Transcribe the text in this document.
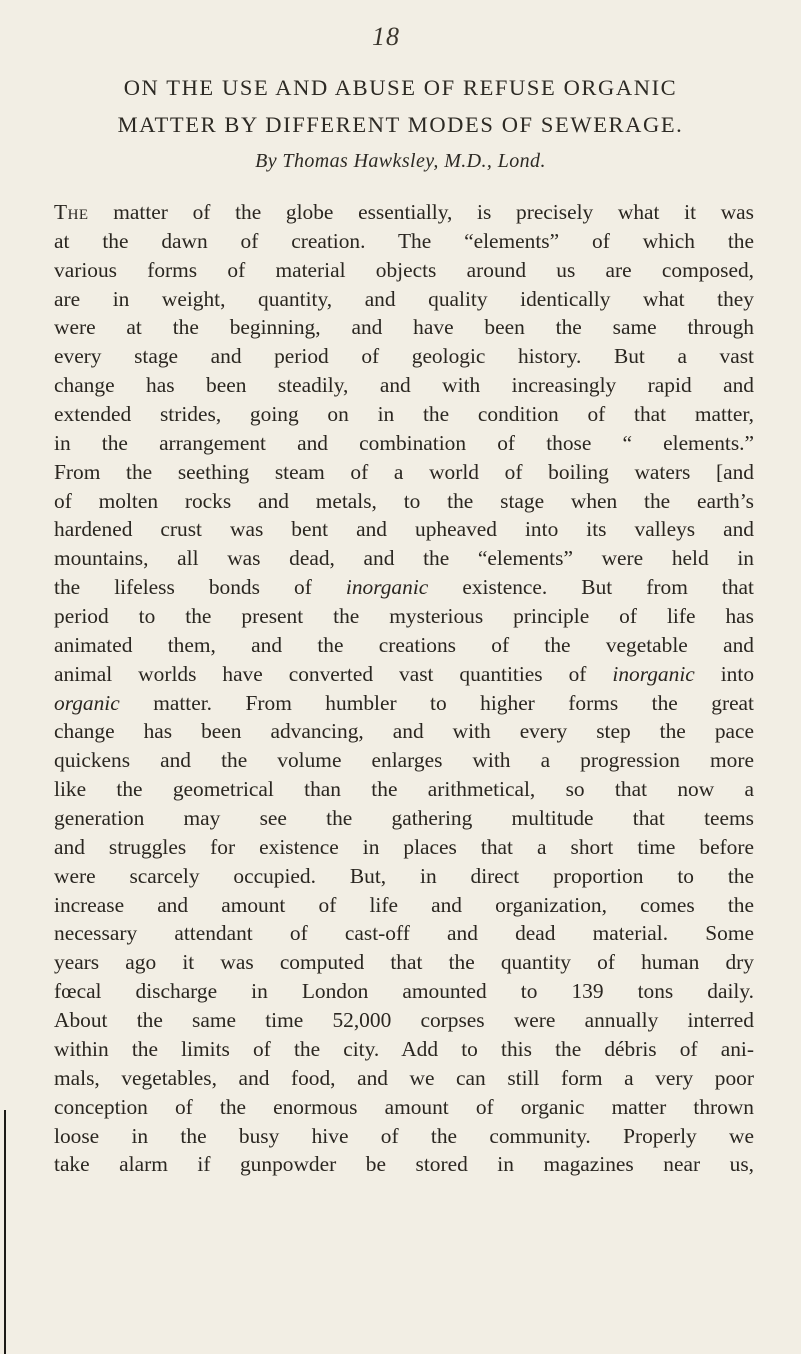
18
ON THE USE AND ABUSE OF REFUSE ORGANIC
MATTER BY DIFFERENT MODES OF SEWERAGE.
By Thomas Hawksley, M.D., Lond.
The matter of the globe essentially, is precisely what it was
at the dawn of creation. The “elements” of which the
various forms of material objects around us are composed,
are in weight, quantity, and quality identically what they
were at the beginning, and have been the same through
every stage and period of geologic history. But a vast
change has been steadily, and with increasingly rapid and
extended strides, going on in the condition of that matter,
in the arrangement and combination of those “ elements.”
From the seething steam of a world of boiling waters [and
of molten rocks and metals, to the stage when the earth’s
hardened crust was bent and upheaved into its valleys and
mountains, all was dead, and the “elements” were held in
the lifeless bonds of inorganic existence. But from that
period to the present the mysterious principle of life has
animated them, and the creations of the vegetable and
animal worlds have converted vast quantities of inorganic into
organic matter. From humbler to higher forms the great
change has been advancing, and with every step the pace
quickens and the volume enlarges with a progression more
like the geometrical than the arithmetical, so that now a
generation may see the gathering multitude that teems
and struggles for existence in places that a short time before
were scarcely occupied. But, in direct proportion to the
increase and amount of life and organization, comes the
necessary attendant of cast-off and dead material. Some
years ago it was computed that the quantity of human dry
fœcal discharge in London amounted to 139 tons daily.
About the same time 52,000 corpses were annually interred
within the limits of the city. Add to this the débris of ani-
mals, vegetables, and food, and we can still form a very poor
conception of the enormous amount of organic matter thrown
loose in the busy hive of the community. Properly we
take alarm if gunpowder be stored in magazines near us,
